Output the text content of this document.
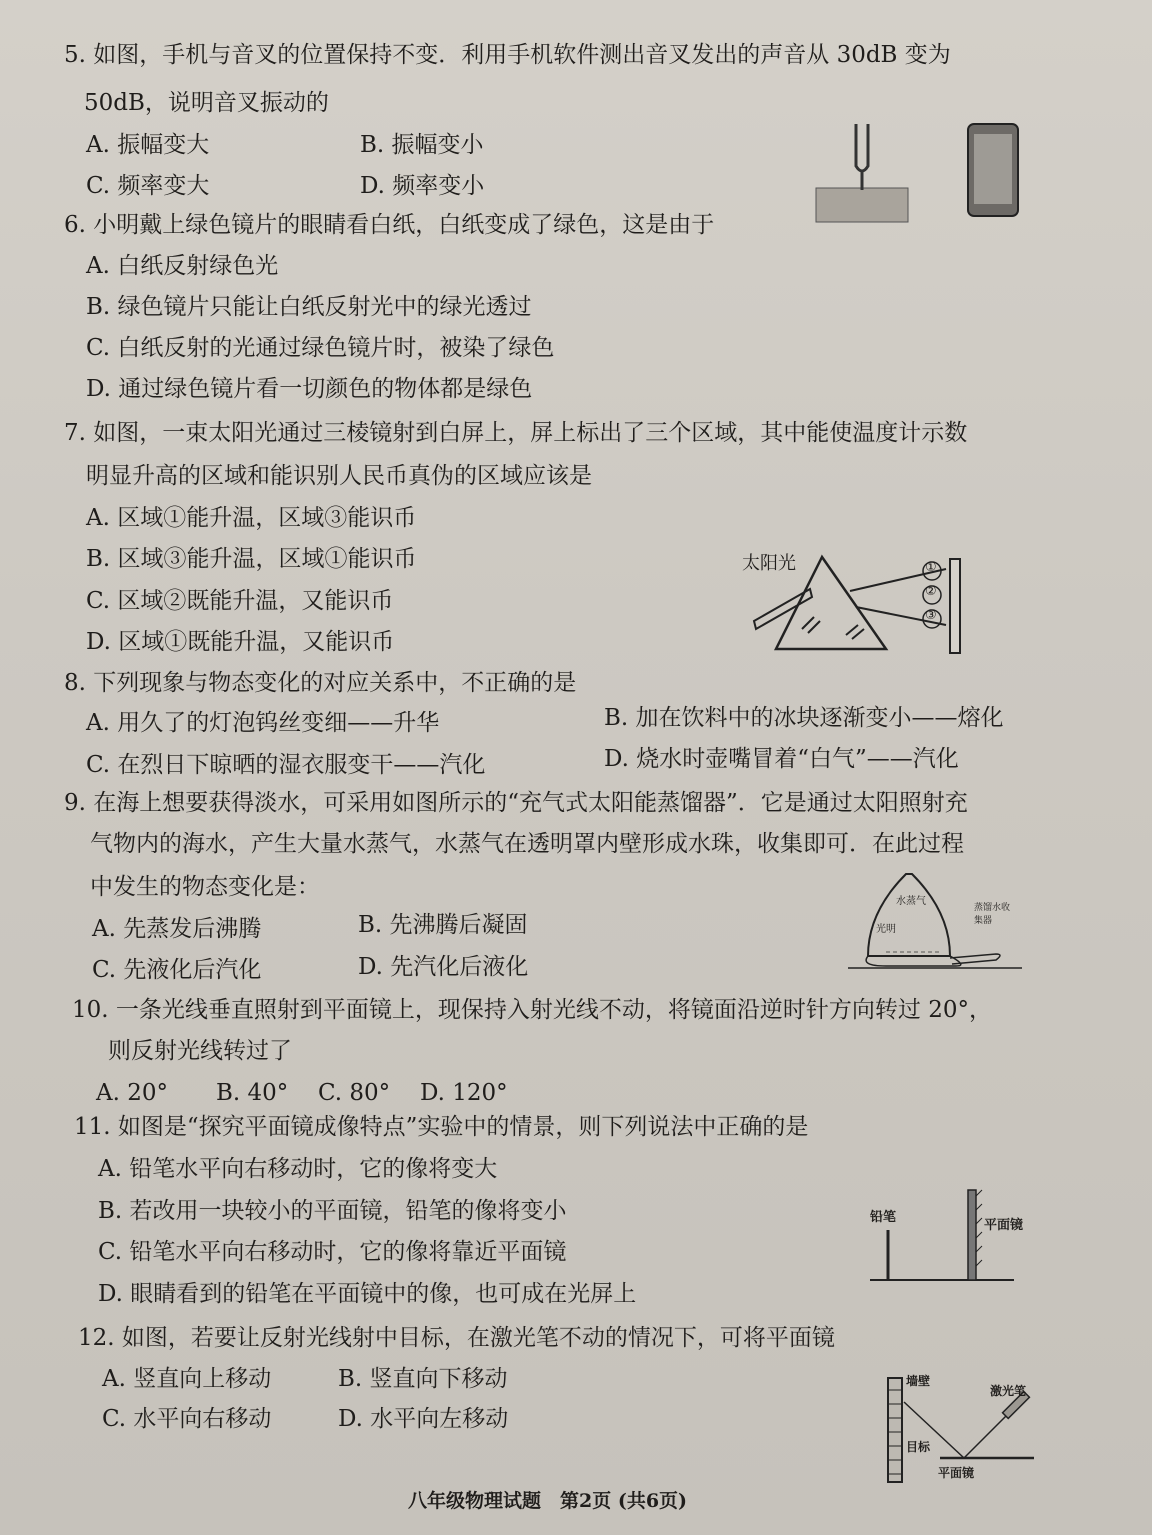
5. 如图，手机与音叉的位置保持不变．利用手机软件测出音叉发出的声音从 30dB 变为
50dB，说明音叉振动的
A. 振幅变大	B. 振幅变小
C. 频率变大	D. 频率变小
6. 小明戴上绿色镜片的眼睛看白纸，白纸变成了绿色，这是由于
A. 白纸反射绿色光
B. 绿色镜片只能让白纸反射光中的绿光透过
C. 白纸反射的光通过绿色镜片时，被染了绿色
D. 通过绿色镜片看一切颜色的物体都是绿色
7. 如图，一束太阳光通过三棱镜射到白屏上，屏上标出了三个区域，其中能使温度计示数
明显升高的区域和能识别人民币真伪的区域应该是
A. 区域①能升温，区域③能识币
B. 区域③能升温，区域①能识币
C. 区域②既能升温，又能识币
D. 区域①既能升温，又能识币
太阳光	①
②
③
8. 下列现象与物态变化的对应关系中，不正确的是
A. 用久了的灯泡钨丝变细——升华	B. 加在饮料中的冰块逐渐变小——熔化
C. 在烈日下晾晒的湿衣服变干——汽化	D. 烧水时壶嘴冒着“白气”——汽化
9. 在海上想要获得淡水，可采用如图所示的“充气式太阳能蒸馏器”．它是通过太阳照射充
气物内的海水，产生大量水蒸气，水蒸气在透明罩内壁形成水珠，收集即可．在此过程
中发生的物态变化是：
A. 先蒸发后沸腾	B. 先沸腾后凝固
C. 先液化后汽化	D. 先汽化后液化
水蒸气
光明
蒸馏水收集器
10. 一条光线垂直照射到平面镜上，现保持入射光线不动，将镜面沿逆时针方向转过 20°，
则反射光线转过了
A. 20° B. 40° C. 80° D. 120°
11. 如图是“探究平面镜成像特点”实验中的情景，则下列说法中正确的是
A. 铅笔水平向右移动时，它的像将变大
B. 若改用一块较小的平面镜，铅笔的像将变小
C. 铅笔水平向右移动时，它的像将靠近平面镜
D. 眼睛看到的铅笔在平面镜中的像，也可成在光屏上
铅笔
平面镜
12. 如图，若要让反射光线射中目标，在激光笔不动的情况下，可将平面镜
A. 竖直向上移动	B. 竖直向下移动
C. 水平向右移动	D. 水平向左移动
墙壁
激光笔
目标
平面镜
八年级物理试题　第2页 (共6页)
